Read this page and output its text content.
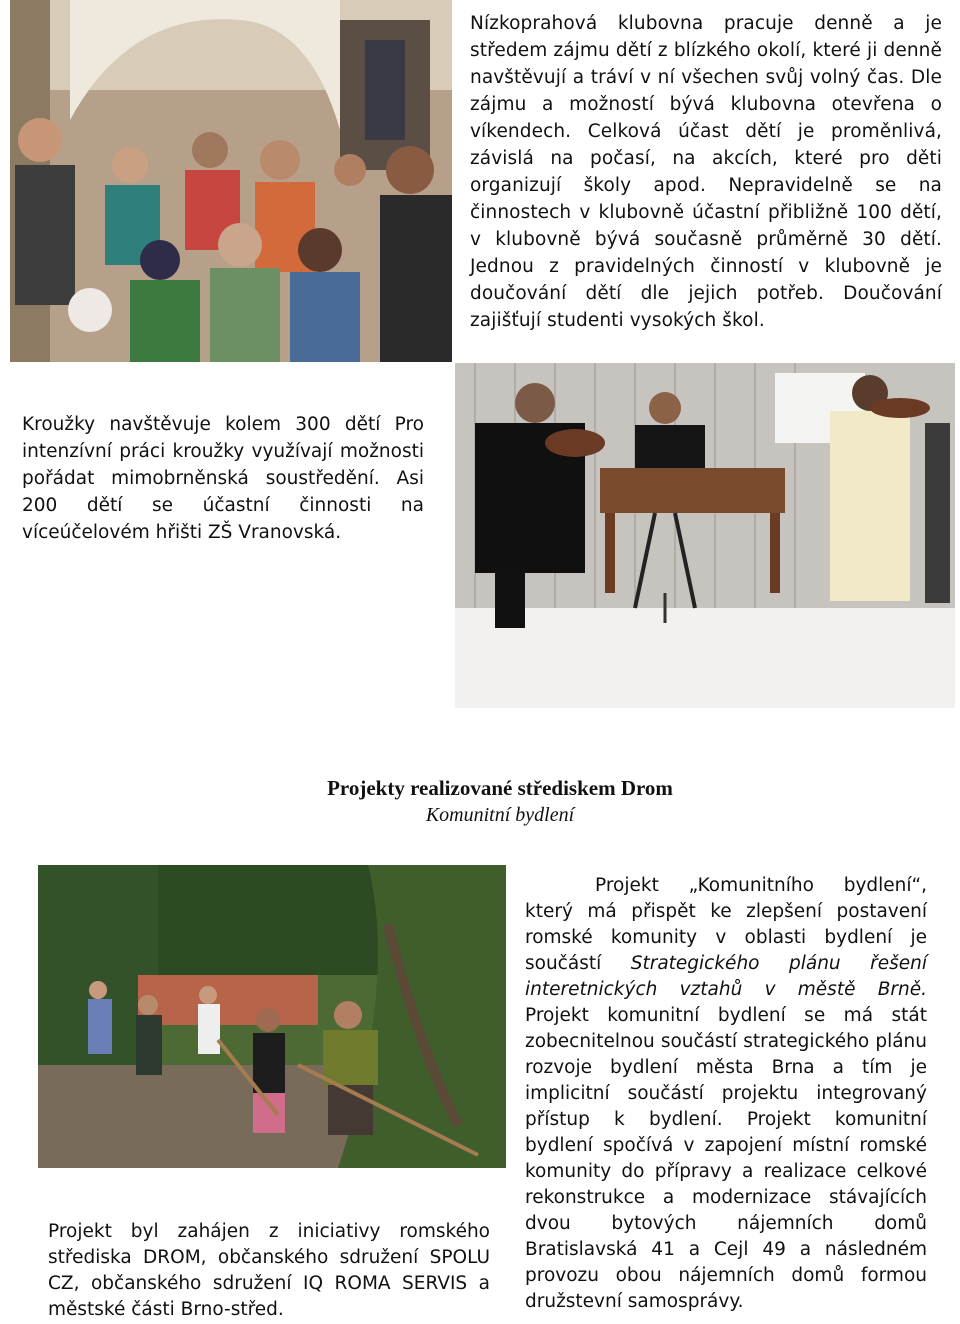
Nízkoprahová klubovna pracuje denně a je středem zájmu dětí z blízkého okolí, které ji denně navštěvují a tráví v ní všechen svůj volný čas. Dle zájmu a možností bývá klubovna otevřena o víkendech. Celková účast dětí je proměnlivá, závislá na počasí, na akcích, které pro děti organizují školy apod. Nepravidelně se na činnostech v klubovně účastní přibližně 100 dětí, v klubovně bývá současně průměrně 30 dětí. Jednou z pravidelných činností v klubovně je doučování dětí dle jejich potřeb. Doučování zajišťují studenti vysokých škol.

Kroužky navštěvuje kolem 300 dětí Pro intenzívní práci kroužky využívají možnosti pořádat mimobrněnská soustředění. Asi 200 dětí se účastní činnosti na víceúčelovém hřišti ZŠ Vranovská.

Projekty realizované střediskem Drom
Komunitní bydlení

Projekt „Komunitního bydlení“, který má přispět ke zlepšení postavení romské komunity v oblasti bydlení je součástí Strategického plánu řešení interetnických vztahů v městě Brně. Projekt komunitní bydlení se má stát zobecnitelnou součástí strategického plánu rozvoje bydlení města Brna a tím je implicitní součástí projektu integrovaný přístup k bydlení. Projekt komunitní bydlení spočívá v zapojení místní romské komunity do přípravy a realizace celkové rekonstrukce a modernizace stávajících dvou bytových nájemních domů Bratislavská 41 a Cejl 49 a následném provozu obou nájemních domů formou družstevní samosprávy.

Projekt byl zahájen z iniciativy romského střediska DROM, občanského sdružení SPOLU CZ, občanského sdružení IQ ROMA SERVIS a městské části Brno-střed.
